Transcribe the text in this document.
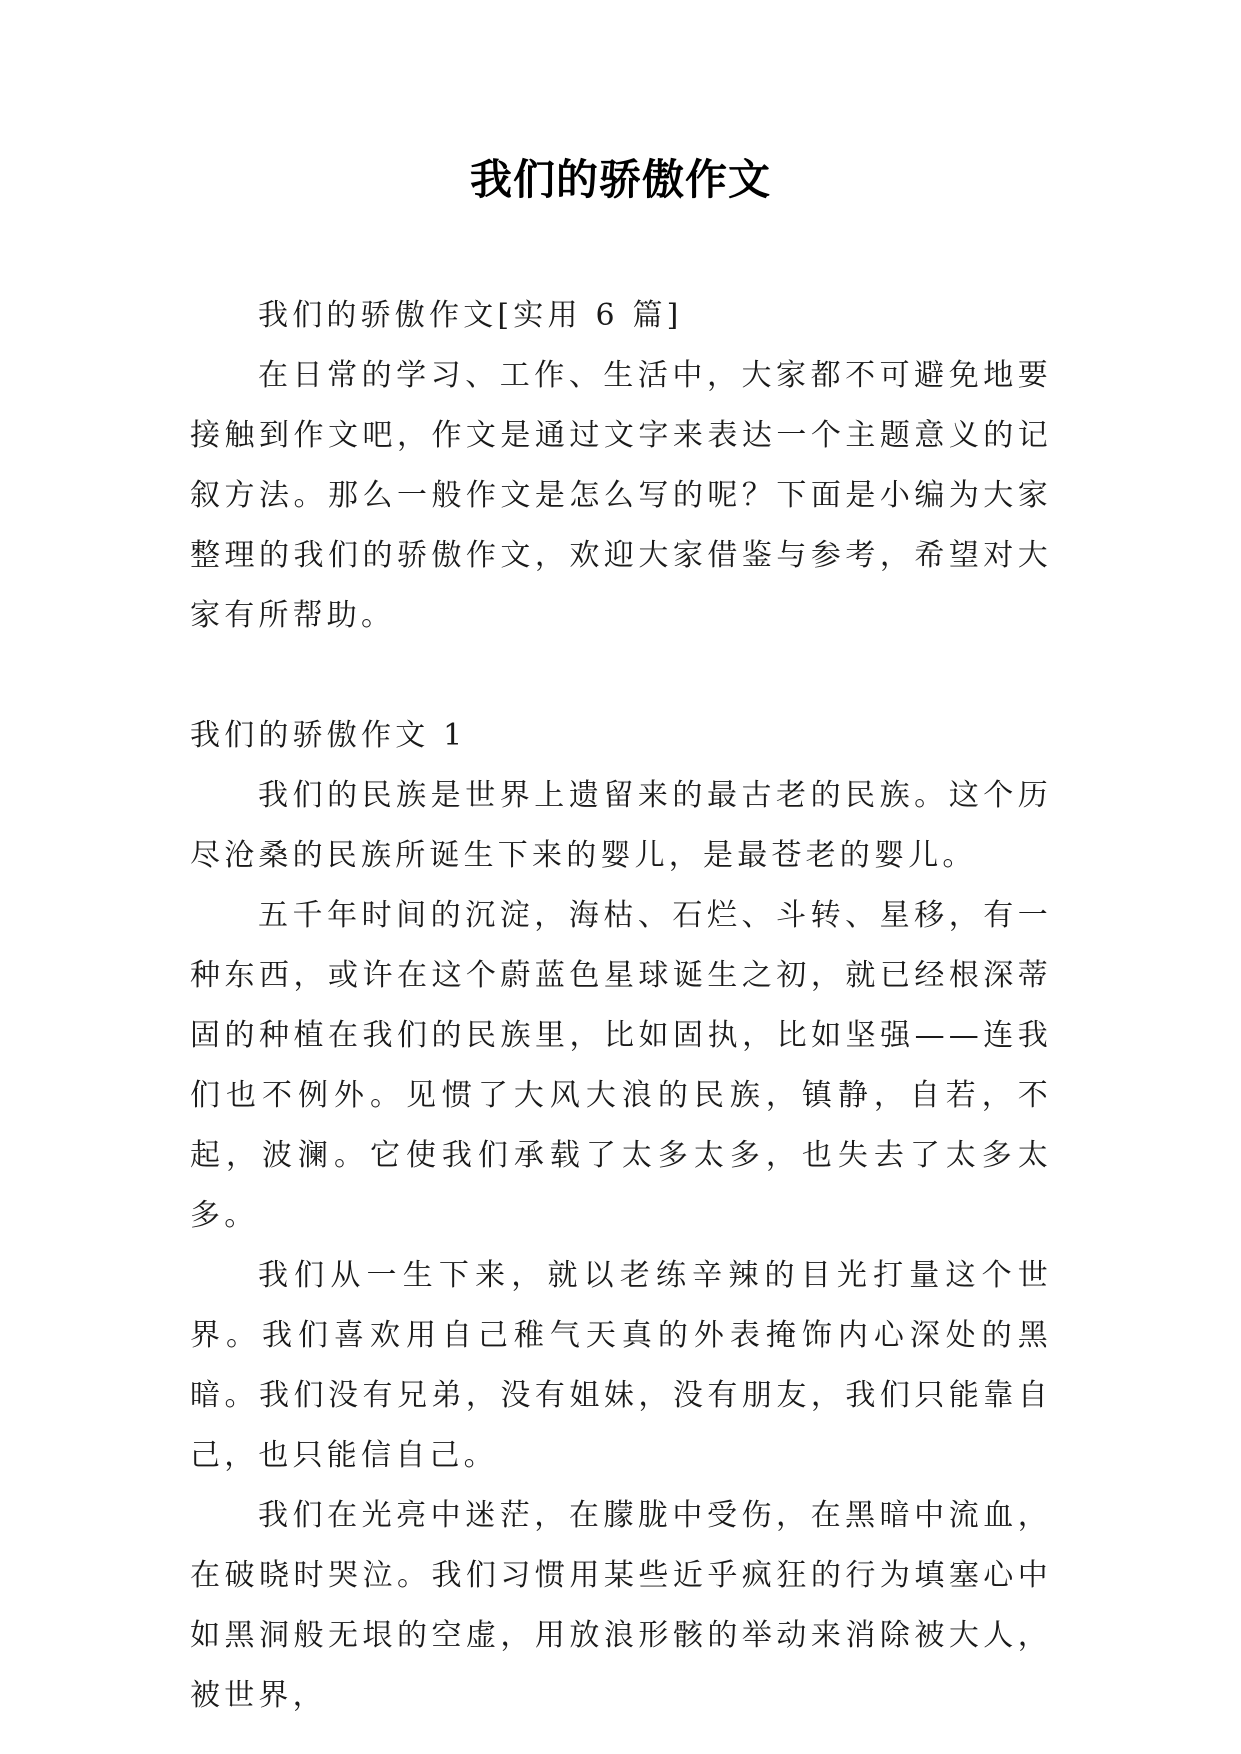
我们的骄傲作文

我们的骄傲作文[实用 6 篇]

在日常的学习、工作、生活中，大家都不可避免地要接触到作文吧，作文是通过文字来表达一个主题意义的记叙方法。那么一般作文是怎么写的呢？下面是小编为大家整理的我们的骄傲作文，欢迎大家借鉴与参考，希望对大家有所帮助。

我们的骄傲作文 1

我们的民族是世界上遗留来的最古老的民族。这个历尽沧桑的民族所诞生下来的婴儿，是最苍老的婴儿。

五千年时间的沉淀，海枯、石烂、斗转、星移，有一种东西，或许在这个蔚蓝色星球诞生之初，就已经根深蒂固的种植在我们的民族里，比如固执，比如坚强——连我们也不例外。见惯了大风大浪的民族，镇静，自若，不起，波澜。它使我们承载了太多太多，也失去了太多太多。

我们从一生下来，就以老练辛辣的目光打量这个世界。我们喜欢用自己稚气天真的外表掩饰内心深处的黑暗。我们没有兄弟，没有姐妹，没有朋友，我们只能靠自己，也只能信自己。

我们在光亮中迷茫，在朦胧中受伤，在黑暗中流血，在破晓时哭泣。我们习惯用某些近乎疯狂的行为填塞心中如黑洞般无垠的空虚，用放浪形骸的举动来消除被大人，被世界，
